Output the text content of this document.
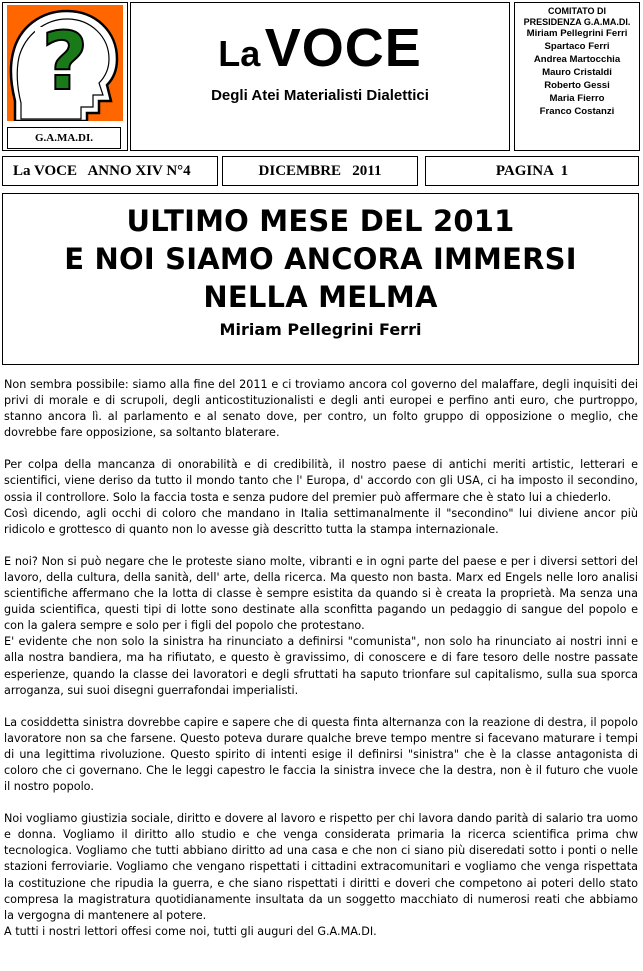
?
G.A.MA.DI.
La VOCE
Degli Atei Materialisti Dialettici
COMITATO DI
PRESIDENZA G.A.MA.DI.
Miriam Pellegrini Ferri
Spartaco Ferri
Andrea Martocchia
Mauro Cristaldi
Roberto Gessi
Maria Fierro
Franco Costanzi
La VOCE   ANNO XIV N°4	DICEMBRE   2011	PAGINA  1
ULTIMO MESE DEL 2011
E NOI SIAMO ANCORA IMMERSI
NELLA MELMA
Miriam Pellegrini Ferri

Non sembra possibile: siamo alla fine del 2011 e ci troviamo ancora col governo del malaffare, degli inquisiti dei privi di morale e di scrupoli, degli anticostituzionalisti e degli anti europei e perfino anti euro, che purtroppo, stanno ancora lì. al parlamento e al senato dove, per contro, un folto gruppo di opposizione o meglio, che dovrebbe fare opposizione, sa soltanto blaterare.

Per colpa della mancanza di onorabilità e di credibilità, il nostro paese di antichi meriti artistic, letterari e scientifici, viene deriso da tutto il mondo tanto che l' Europa, d' accordo con gli USA, ci ha imposto il secondino, ossia il controllore. Solo la faccia tosta e senza pudore del premier può affermare che è stato lui a chiederlo.

Così dicendo, agli occhi di coloro che mandano in Italia settimanalmente il "secondino" lui diviene ancor più ridicolo e grottesco di quanto non lo avesse già descritto tutta la stampa internazionale.

E noi? Non si può negare che le proteste siano molte, vibranti e in ogni parte del paese e per i diversi settori del lavoro, della cultura, della sanità, dell' arte, della ricerca. Ma questo non basta. Marx ed Engels nelle loro analisi scientifiche affermano che la lotta di classe è sempre esistita da quando si è creata la proprietà. Ma senza una guida scientifica, questi tipi di lotte sono destinate alla sconfitta pagando un pedaggio di sangue del popolo e con la galera sempre e solo per i figli del popolo che protestano.

E' evidente che non solo la sinistra ha rinunciato a definirsi "comunista", non solo ha rinunciato ai nostri inni e alla nostra bandiera, ma ha rifiutato, e questo è gravissimo, di conoscere e di fare tesoro delle nostre passate esperienze, quando la classe dei lavoratori e degli sfruttati ha saputo trionfare sul capitalismo, sulla sua sporca arroganza, sui suoi disegni guerrafondai imperialisti.

La cosiddetta sinistra dovrebbe capire e sapere che di questa finta alternanza con la reazione di destra, il popolo lavoratore non sa che farsene. Questo poteva durare qualche breve tempo mentre si facevano maturare i tempi di una legittima rivoluzione. Questo spirito di intenti esige il definirsi "sinistra" che è la classe antagonista di coloro che ci governano. Che le leggi capestro le faccia la sinistra invece che la destra, non è il futuro che vuole il nostro popolo.

Noi vogliamo giustizia sociale, diritto e dovere al lavoro e rispetto per chi lavora dando parità di salario tra uomo e donna. Vogliamo il diritto allo studio e che venga considerata primaria la ricerca scientifica prima chw tecnologica. Vogliamo che tutti abbiano diritto ad una casa e che non ci siano più diseredati sotto i ponti o nelle stazioni ferroviarie. Vogliamo che vengano rispettati i cittadini extracomunitari e vogliamo che venga rispettata la costituzione che ripudia la guerra, e che siano rispettati i diritti e doveri che competono ai poteri dello stato compresa la magistratura quotidianamente insultata da un soggetto macchiato di numerosi reati che abbiamo la vergogna di mantenere al potere.

A tutti i nostri lettori offesi come noi, tutti gli auguri del G.A.MA.DI.
